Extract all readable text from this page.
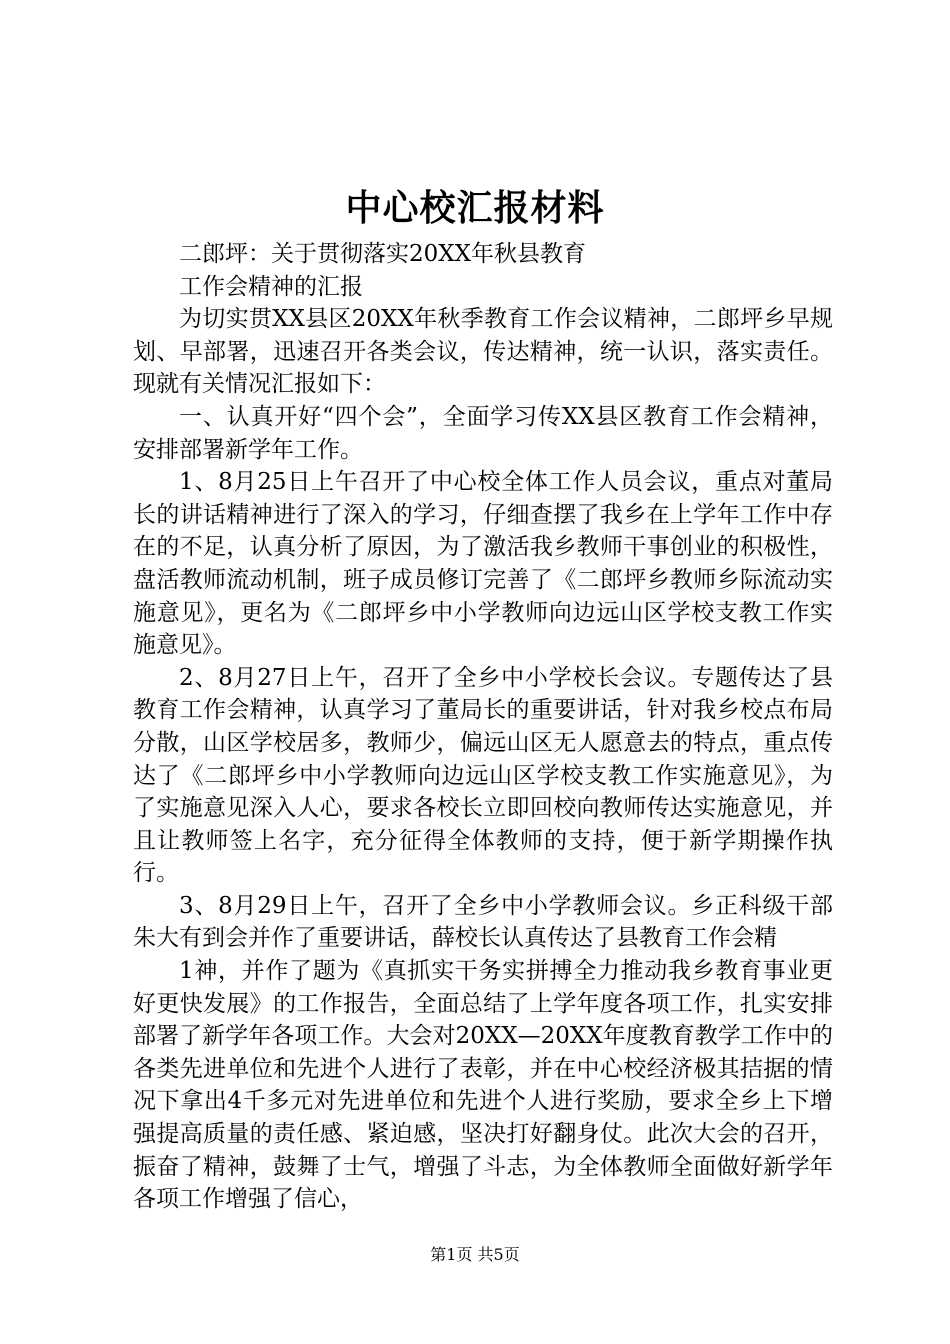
中心校汇报材料

二郎坪：关于贯彻落实20XX年秋县教育

工作会精神的汇报

为切实贯XX县区20XX年秋季教育工作会议精神，二郎坪乡早规划、早部署，迅速召开各类会议，传达精神，统一认识，落实责任。现就有关情况汇报如下：

一、认真开好“四个会”，全面学习传XX县区教育工作会精神，安排部署新学年工作。

1、8月25日上午召开了中心校全体工作人员会议，重点对董局长的讲话精神进行了深入的学习，仔细查摆了我乡在上学年工作中存在的不足，认真分析了原因，为了激活我乡教师干事创业的积极性，盘活教师流动机制，班子成员修订完善了《二郎坪乡教师乡际流动实施意见》，更名为《二郎坪乡中小学教师向边远山区学校支教工作实施意见》。

2、8月27日上午，召开了全乡中小学校长会议。专题传达了县教育工作会精神，认真学习了董局长的重要讲话，针对我乡校点布局分散，山区学校居多，教师少，偏远山区无人愿意去的特点，重点传达了《二郎坪乡中小学教师向边远山区学校支教工作实施意见》，为了实施意见深入人心，要求各校长立即回校向教师传达实施意见，并且让教师签上名字，充分征得全体教师的支持，便于新学期操作执行。

3、8月29日上午，召开了全乡中小学教师会议。乡正科级干部朱大有到会并作了重要讲话，薛校长认真传达了县教育工作会精

1神，并作了题为《真抓实干务实拼搏全力推动我乡教育事业更好更快发展》的工作报告，全面总结了上学年度各项工作，扎实安排部署了新学年各项工作。大会对20XX—20XX年度教育教学工作中的各类先进单位和先进个人进行了表彰，并在中心校经济极其拮据的情况下拿出4千多元对先进单位和先进个人进行奖励，要求全乡上下增强提高质量的责任感、紧迫感，坚决打好翻身仗。此次大会的召开，振奋了精神，鼓舞了士气，增强了斗志，为全体教师全面做好新学年各项工作增强了信心，

第1页 共5页
